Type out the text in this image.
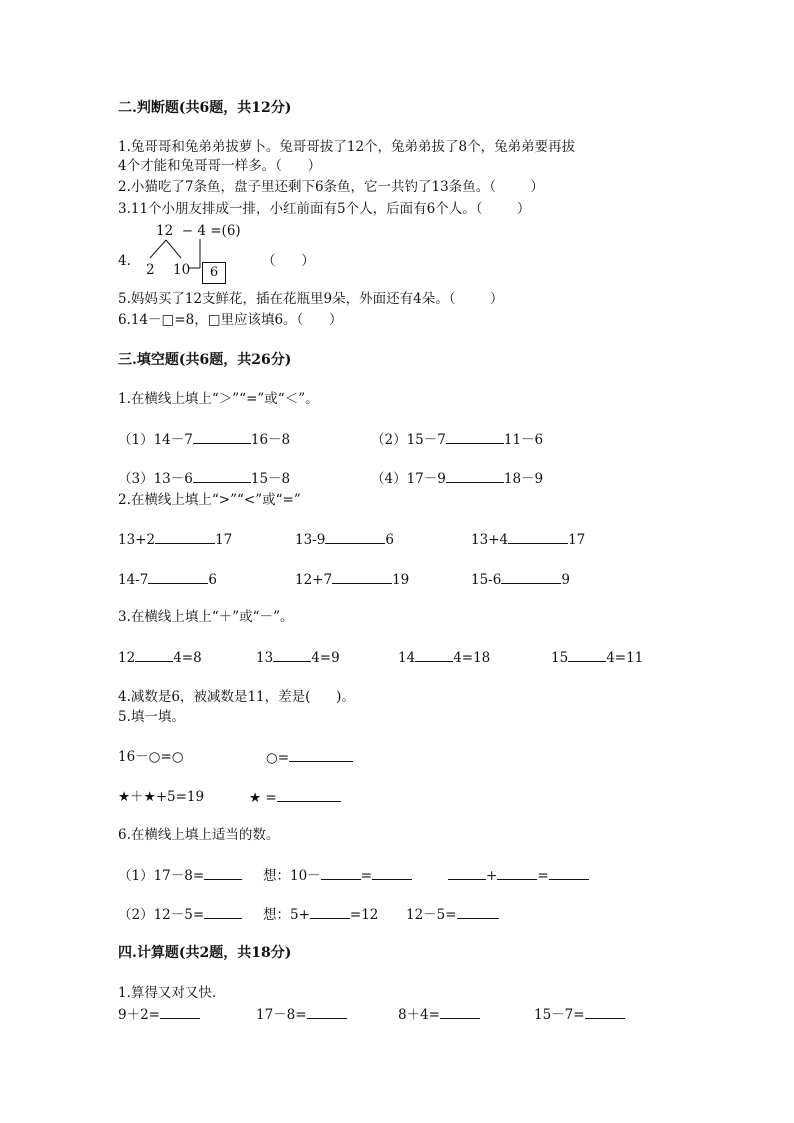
二.判断题(共6题，共12分)
1.兔哥哥和兔弟弟拔萝卜。兔哥哥拔了12个，兔弟弟拔了8个，兔弟弟要再拔
4个才能和兔哥哥一样多。（      ）
2.小猫吃了7条鱼，盘子里还剩下6条鱼，它一共钓了13条鱼。（        ）
3.11个小朋友排成一排，小红前面有5个人，后面有6个人。（        ）
12  − 4 =(6)
4.
2 10	6
（      ）
5.妈妈买了12支鲜花，插在花瓶里9朵，外面还有4朵。（        ）
6.14－□=8，□里应该填6。（      ）
三.填空题(共6题，共26分)
1.在横线上填上“＞”“=”或“＜”。
（1）14－7	16－8	（2）15－7	11－6
（3）13－6	15－8	（4）17－9	18－9
2.在横线上填上“>”“<”或“=”
13+2	17	13-9	6	13+4	17
14-7	6	12+7	19	15-6	9
3.在横线上填上“＋”或“－”。
12	4=8	13	4=9	14	4=18	15	4=11
4.减数是6，被减数是11，差是(      )。
5.填一填。
16－○=○	○=
★＋★+5=19	★ =
6.在横线上填上适当的数。
（1）17－8=	想：10－	=	+	=
（2）12－5=	想：5+	=12 12－5=
四.计算题(共2题，共18分)
1.算得又对又快.
9＋2=	17－8=	8＋4=	15－7=
